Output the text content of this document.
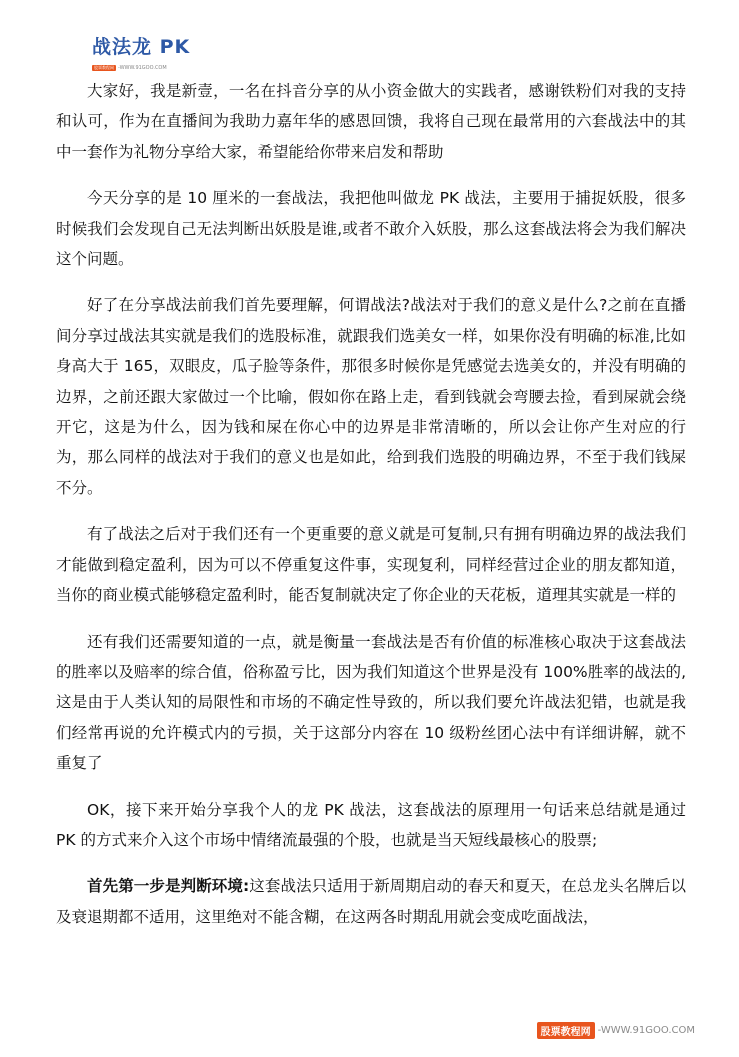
战法龙 PK
股票教程网 -WWW.91GOO.COM

大家好，我是新壹，一名在抖音分享的从小资金做大的实践者，感谢铁粉们对我的支持和认可，作为在直播间为我助力嘉年华的感恩回馈，我将自己现在最常用的六套战法中的其中一套作为礼物分享给大家，希望能给你带来启发和帮助

今天分享的是 10 厘米的一套战法，我把他叫做龙 PK 战法，主要用于捕捉妖股，很多时候我们会发现自己无法判断出妖股是谁,或者不敢介入妖股，那么这套战法将会为我们解决这个问题。

好了在分享战法前我们首先要理解，何谓战法?战法对于我们的意义是什么?之前在直播间分享过战法其实就是我们的选股标准，就跟我们选美女一样，如果你没有明确的标准,比如身高大于 165，双眼皮，瓜子脸等条件，那很多时候你是凭感觉去选美女的，并没有明确的边界，之前还跟大家做过一个比喻，假如你在路上走，看到钱就会弯腰去捡，看到屎就会绕开它，这是为什么，因为钱和屎在你心中的边界是非常清晰的，所以会让你产生对应的行为，那么同样的战法对于我们的意义也是如此，给到我们选股的明确边界，不至于我们钱屎不分。

有了战法之后对于我们还有一个更重要的意义就是可复制,只有拥有明确边界的战法我们才能做到稳定盈利，因为可以不停重复这件事，实现复利，同样经营过企业的朋友都知道，当你的商业模式能够稳定盈利时，能否复制就决定了你企业的天花板，道理其实就是一样的

还有我们还需要知道的一点，就是衡量一套战法是否有价值的标准核心取决于这套战法的胜率以及赔率的综合值，俗称盈亏比，因为我们知道这个世界是没有 100%胜率的战法的,这是由于人类认知的局限性和市场的不确定性导致的，所以我们要允许战法犯错，也就是我们经常再说的允许模式内的亏损，关于这部分内容在 10 级粉丝团心法中有详细讲解，就不重复了

OK，接下来开始分享我个人的龙 PK 战法，这套战法的原理用一句话来总结就是通过 PK 的方式来介入这个市场中情绪流最强的个股，也就是当天短线最核心的股票;

首先第一步是判断环境:这套战法只适用于新周期启动的春天和夏天，在总龙头名牌后以及衰退期都不适用，这里绝对不能含糊，在这两各时期乱用就会变成吃面战法，

股票教程网 -WWW.91GOO.COM
